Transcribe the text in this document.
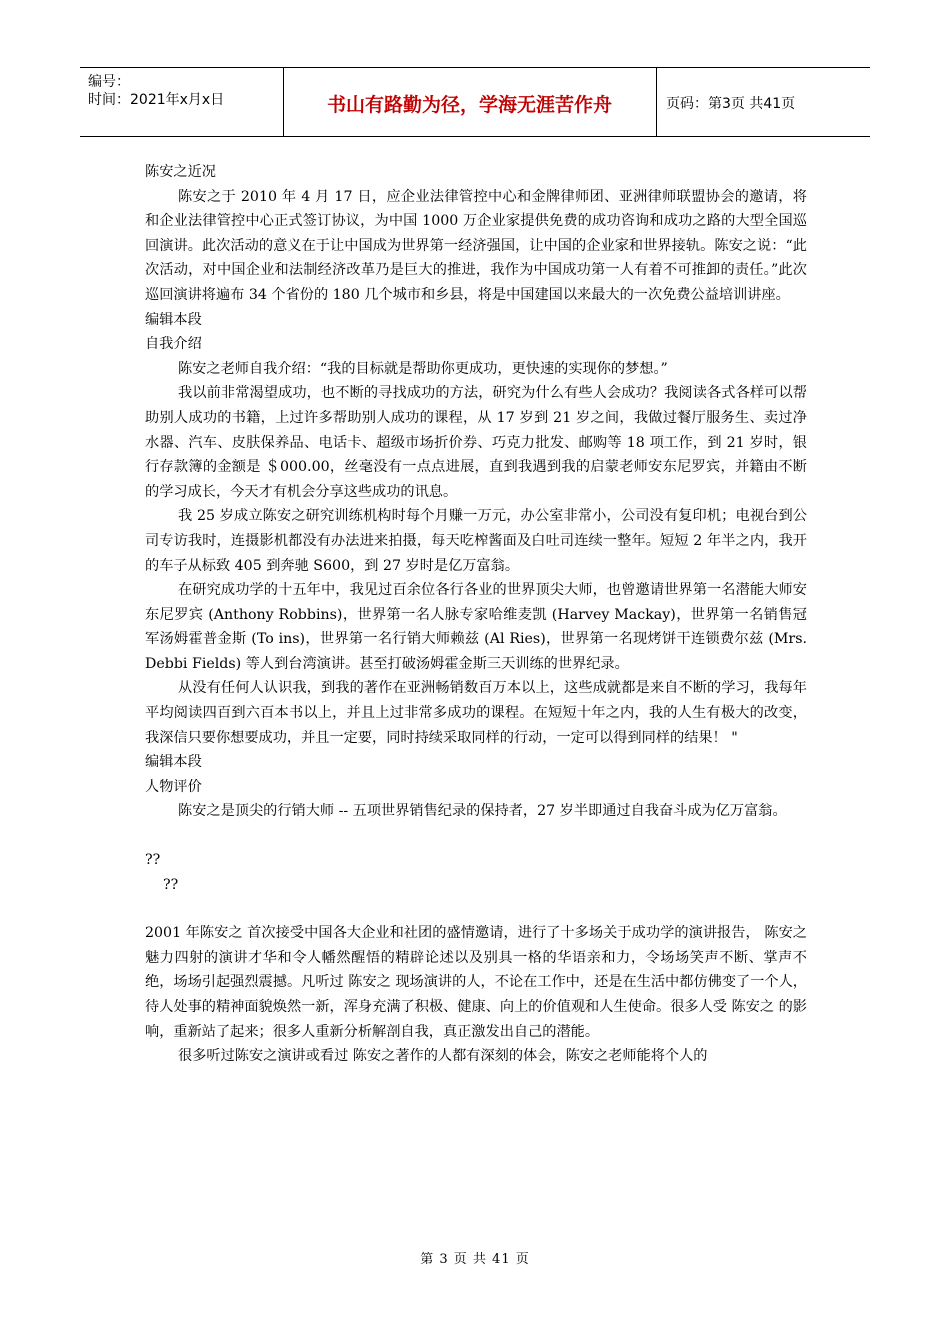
编号：
时间：2021年x月x日	书山有路勤为径，学海无涯苦作舟	页码：第3页 共41页

陈安之近况

陈安之于 2010 年 4 月 17 日，应企业法律管控中心和金牌律师团、亚洲律师联盟协会的邀请，将和企业法律管控中心正式签订协议，为中国 1000 万企业家提供免费的成功咨询和成功之路的大型全国巡回演讲。此次活动的意义在于让中国成为世界第一经济强国，让中国的企业家和世界接轨。陈安之说：“此次活动，对中国企业和法制经济改革乃是巨大的推进，我作为中国成功第一人有着不可推卸的责任。”此次巡回演讲将遍布 34 个省份的 180 几个城市和乡县，将是中国建国以来最大的一次免费公益培训讲座。

编辑本段

自我介绍

陈安之老师自我介绍：“我的目标就是帮助你更成功，更快速的实现你的梦想。”

我以前非常渴望成功，也不断的寻找成功的方法，研究为什么有些人会成功？我阅读各式各样可以帮助别人成功的书籍，上过许多帮助别人成功的课程，从 17 岁到 21 岁之间，我做过餐厅服务生、卖过净水器、汽车、皮肤保养品、电话卡、超级市场折价券、巧克力批发、邮购等 18 项工作，到 21 岁时，银行存款簿的金额是 ＄000.00，丝毫没有一点点进展，直到我遇到我的启蒙老师安东尼罗宾，并籍由不断的学习成长，今天才有机会分享这些成功的讯息。

我 25 岁成立陈安之研究训练机构时每个月赚一万元，办公室非常小，公司没有复印机；电视台到公司专访我时，连摄影机都没有办法进来拍摄，每天吃榨酱面及白吐司连续一整年。短短 2 年半之内，我开的车子从标致 405 到奔驰 S600，到 27 岁时是亿万富翁。

在研究成功学的十五年中，我见过百余位各行各业的世界顶尖大师，也曾邀请世界第一名潜能大师安东尼罗宾 (Anthony Robbins)，世界第一名人脉专家哈维麦凯 (Harvey Mackay)，世界第一名销售冠军汤姆霍普金斯 (To ins)，世界第一名行销大师赖兹 (Al Ries)，世界第一名现烤饼干连锁费尔兹 (Mrs. Debbi Fields) 等人到台湾演讲。甚至打破汤姆霍金斯三天训练的世界纪录。

从没有任何人认识我，到我的著作在亚洲畅销数百万本以上，这些成就都是来自不断的学习，我每年平均阅读四百到六百本书以上，并且上过非常多成功的课程。在短短十年之内，我的人生有极大的改变，我深信只要你想要成功，并且一定要，同时持续采取同样的行动，一定可以得到同样的结果！ "

编辑本段

人物评价

陈安之是顶尖的行销大师 -- 五项世界销售纪录的保持者，27 岁半即通过自我奋斗成为亿万富翁。

??

??

2001 年陈安之 首次接受中国各大企业和社团的盛情邀请，进行了十多场关于成功学的演讲报告， 陈安之魅力四射的演讲才华和令人幡然醒悟的精辟论述以及别具一格的华语亲和力，令场场笑声不断、掌声不绝，场场引起强烈震撼。凡听过 陈安之 现场演讲的人，不论在工作中，还是在生活中都仿佛变了一个人，待人处事的精神面貌焕然一新，浑身充满了积极、健康、向上的价值观和人生使命。很多人受 陈安之 的影响，重新站了起来；很多人重新分析解剖自我，真正激发出自己的潜能。

很多听过陈安之演讲或看过 陈安之著作的人都有深刻的体会，陈安之老师能将个人的

第 3 页 共 41 页
